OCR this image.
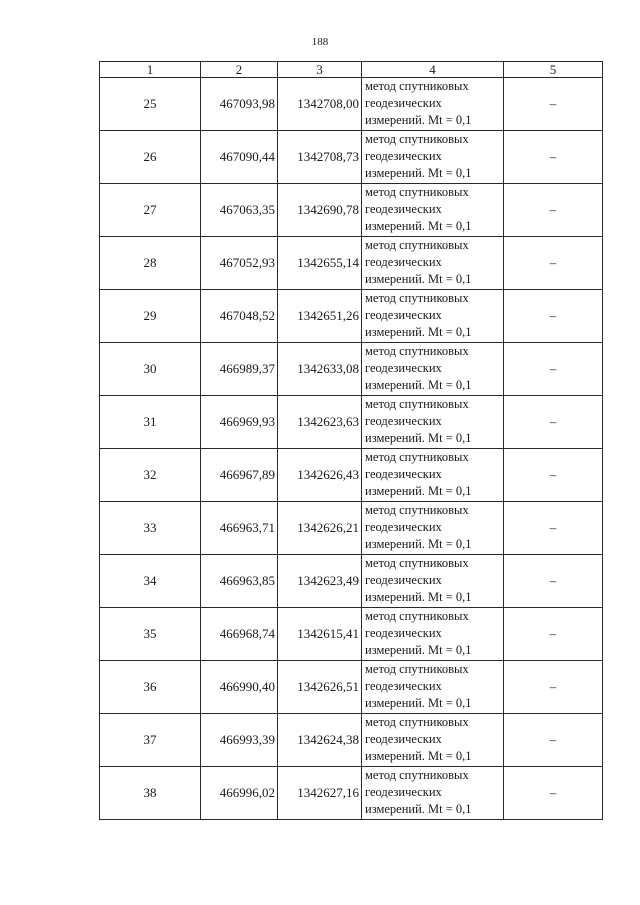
188
1	2	3	4	5
25	467093,98	1342708,00	метод спутниковых
геодезических
измерений. Mt = 0,1	–
26	467090,44	1342708,73	метод спутниковых
геодезических
измерений. Mt = 0,1	–
27	467063,35	1342690,78	метод спутниковых
геодезических
измерений. Mt = 0,1	–
28	467052,93	1342655,14	метод спутниковых
геодезических
измерений. Mt = 0,1	–
29	467048,52	1342651,26	метод спутниковых
геодезических
измерений. Mt = 0,1	–
30	466989,37	1342633,08	метод спутниковых
геодезических
измерений. Mt = 0,1	–
31	466969,93	1342623,63	метод спутниковых
геодезических
измерений. Mt = 0,1	–
32	466967,89	1342626,43	метод спутниковых
геодезических
измерений. Mt = 0,1	–
33	466963,71	1342626,21	метод спутниковых
геодезических
измерений. Mt = 0,1	–
34	466963,85	1342623,49	метод спутниковых
геодезических
измерений. Mt = 0,1	–
35	466968,74	1342615,41	метод спутниковых
геодезических
измерений. Mt = 0,1	–
36	466990,40	1342626,51	метод спутниковых
геодезических
измерений. Mt = 0,1	–
37	466993,39	1342624,38	метод спутниковых
геодезических
измерений. Mt = 0,1	–
38	466996,02	1342627,16	метод спутниковых
геодезических
измерений. Mt = 0,1	–
